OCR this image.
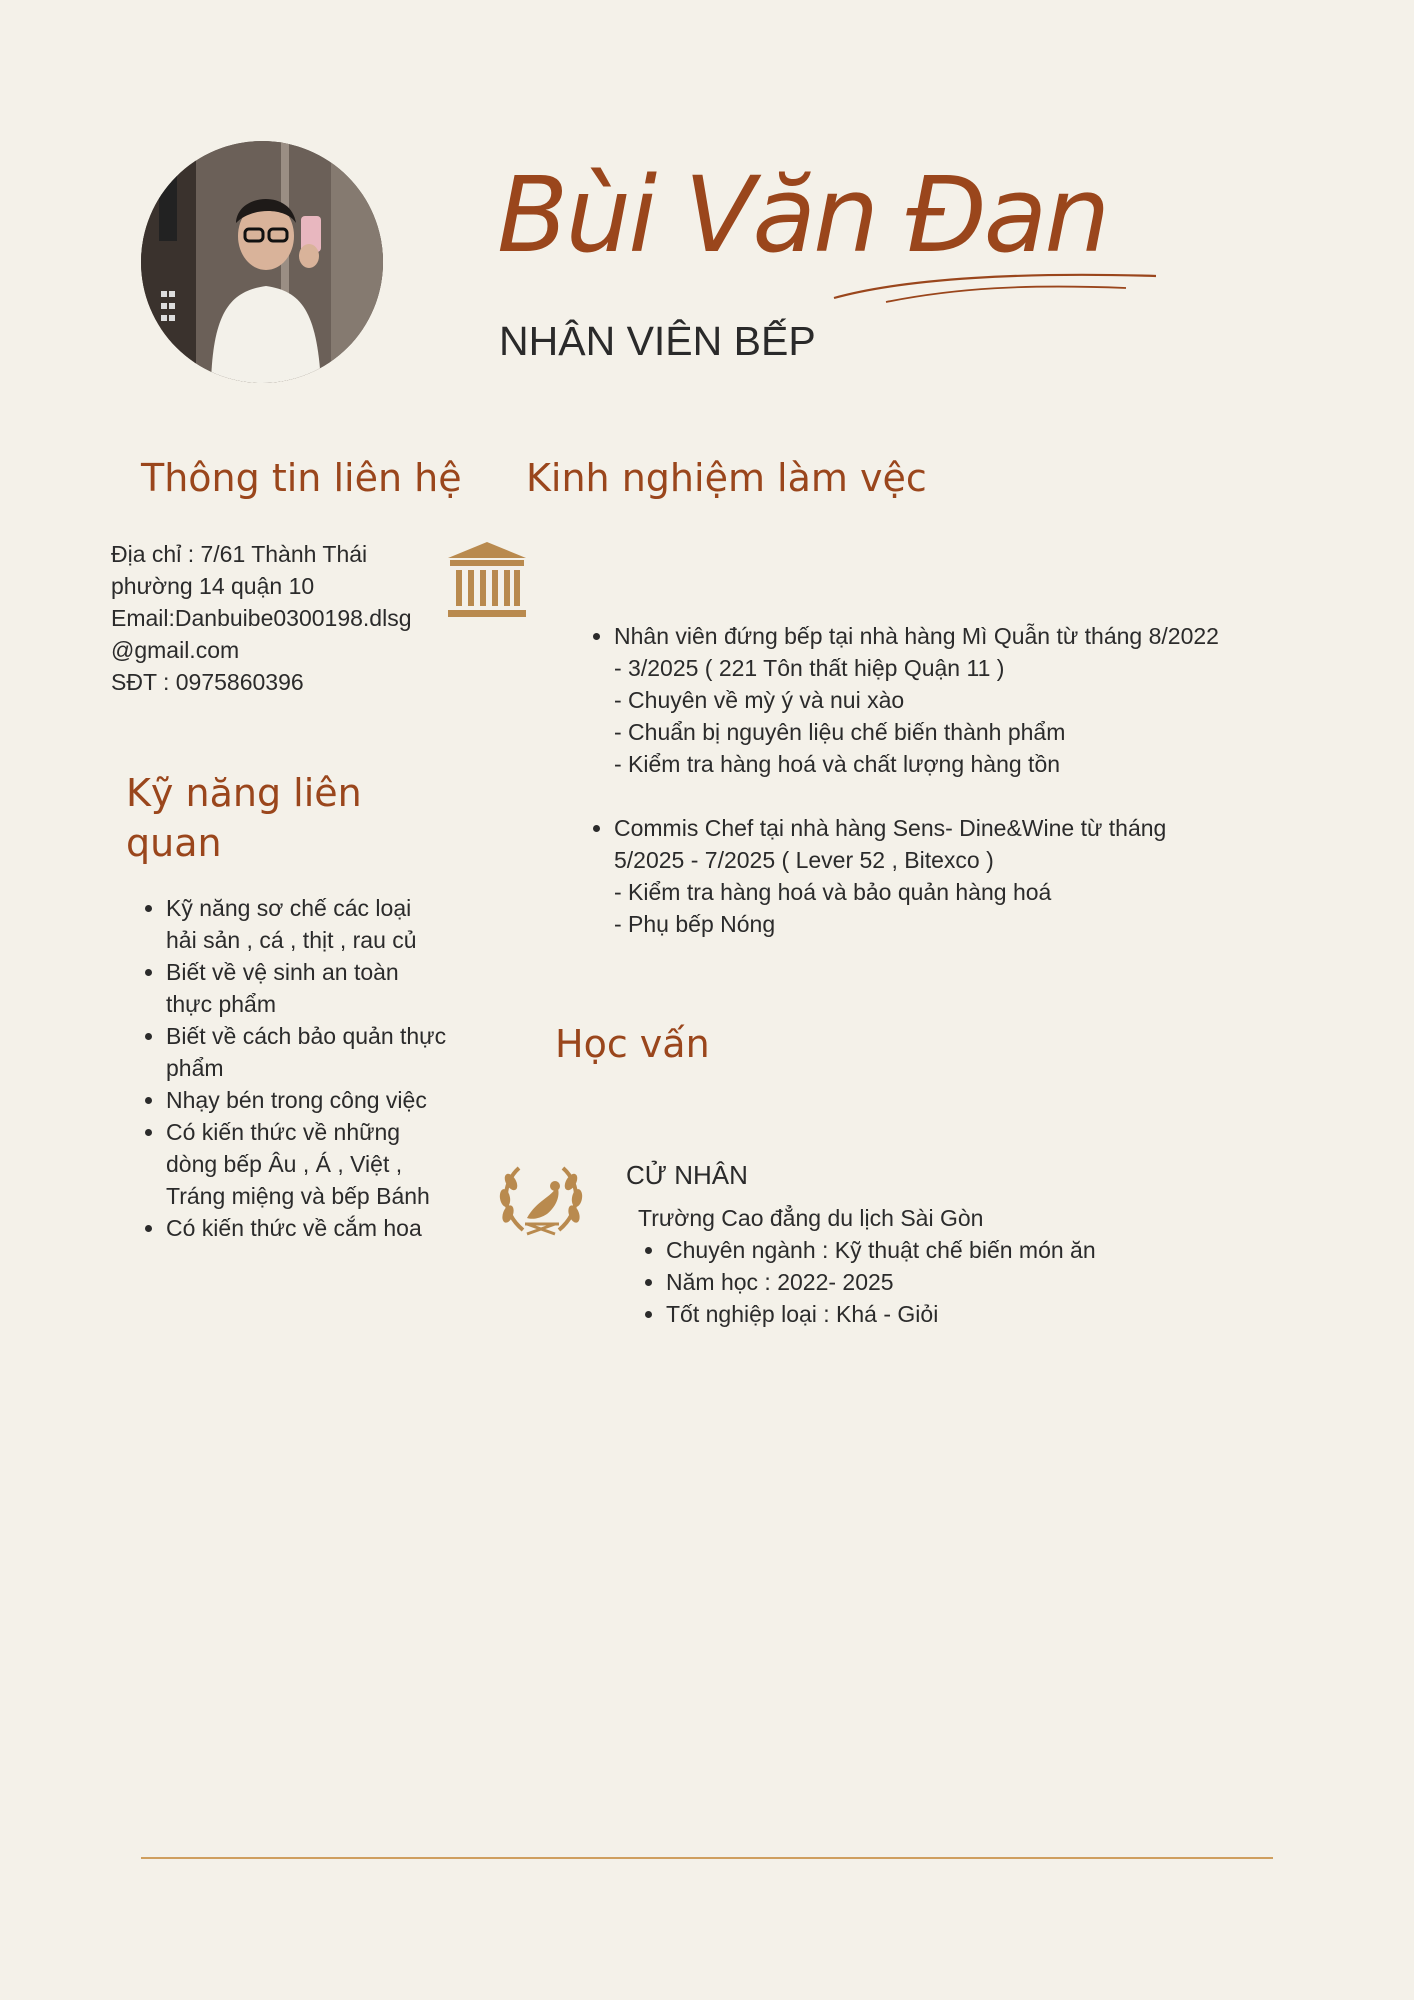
Bùi Văn Đan
NHÂN VIÊN BẾP
Thông tin liên hệ
Địa chỉ : 7/61 Thành Thái
phường 14 quận 10
Email:Danbuibe0300198.dlsg
@gmail.com
SĐT : 0975860396
Kinh nghiệm làm vệc
• Nhân viên đứng bếp tại nhà hàng Mì Quẫn từ tháng 8/2022 - 3/2025 ( 221 Tôn thất hiệp Quận 11 )
- Chuyên về mỳ ý và nui xào
- Chuẩn bị nguyên liệu chế biến thành phẩm
- Kiểm tra hàng hoá và chất lượng hàng tồn
• Commis Chef tại nhà hàng Sens- Dine&Wine từ tháng 5/2025 - 7/2025 ( Lever 52 , Bitexco )
- Kiểm tra hàng hoá và bảo quản hàng hoá
- Phụ bếp Nóng
Kỹ năng liên quan
• Kỹ năng sơ chế các loại hải sản , cá , thịt , rau củ
• Biết về vệ sinh an toàn thực phẩm
• Biết về cách bảo quản thực phẩm
• Nhạy bén trong công việc
• Có kiến thức về những dòng bếp Âu , Á , Việt , Tráng miệng và bếp Bánh
• Có kiến thức về cắm hoa
Học vấn
CỬ NHÂN
Trường Cao đẳng du lịch Sài Gòn
• Chuyên ngành : Kỹ thuật chế biến món ăn
• Năm học : 2022- 2025
• Tốt nghiệp loại : Khá - Giỏi
